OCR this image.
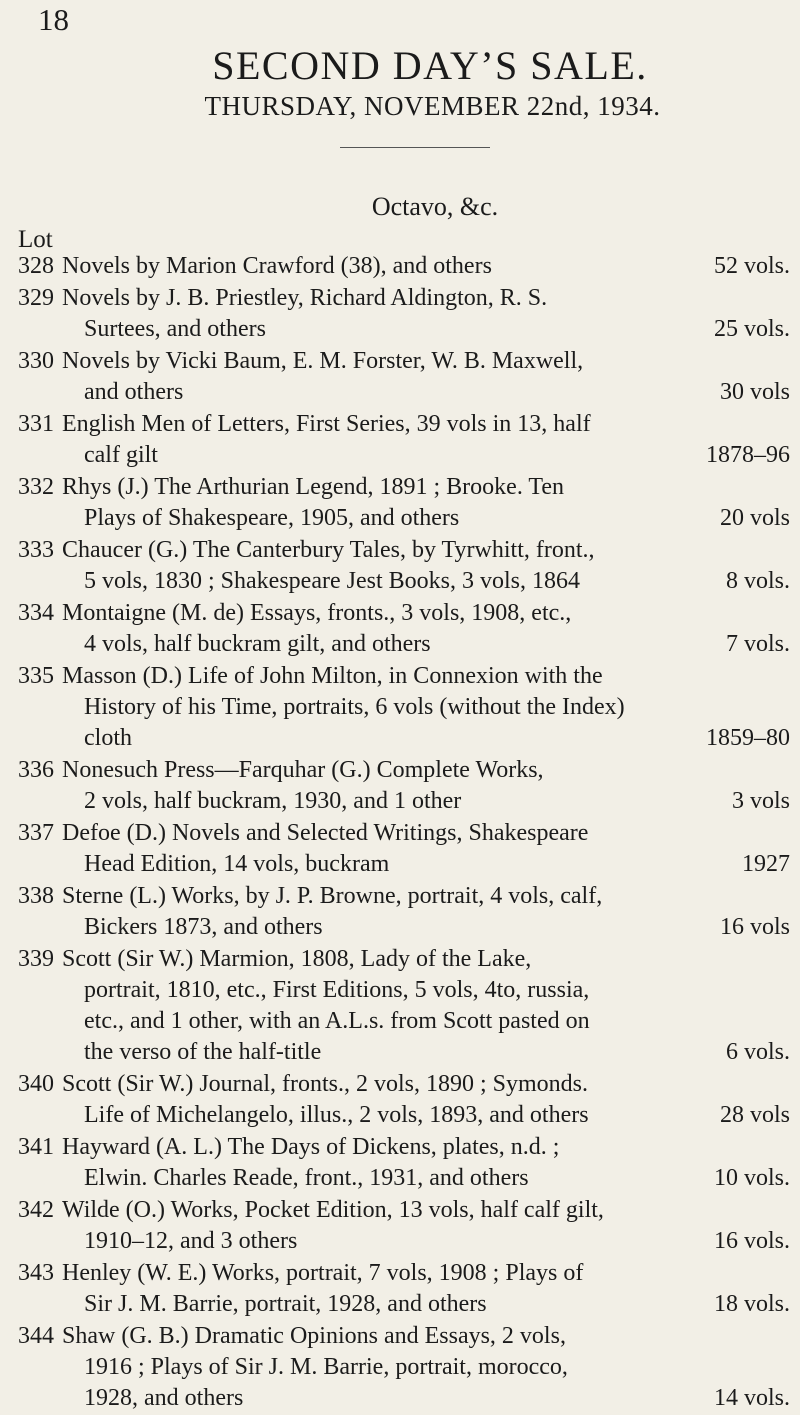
18
SECOND DAY’S SALE.
THURSDAY, NOVEMBER 22nd, 1934.
Octavo, &c.
Lot
328 Novels by Marion Crawford (38), and others	52 vols.
329 Novels by J. B. Priestley, Richard Aldington, R. S.
Surtees, and others	25 vols.
330 Novels by Vicki Baum, E. M. Forster, W. B. Maxwell,
and others	30 vols
331 English Men of Letters, First Series, 39 vols in 13, half
calf gilt	1878–96
332 Rhys (J.) The Arthurian Legend, 1891 ; Brooke. Ten
Plays of Shakespeare, 1905, and others	20 vols
333 Chaucer (G.) The Canterbury Tales, by Tyrwhitt, front.,
5 vols, 1830 ; Shakespeare Jest Books, 3 vols, 1864	8 vols.
334 Montaigne (M. de) Essays, fronts., 3 vols, 1908, etc.,
4 vols, half buckram gilt, and others	7 vols.
335 Masson (D.) Life of John Milton, in Connexion with the
History of his Time, portraits, 6 vols (without the Index)
cloth	1859–80
336 Nonesuch Press—Farquhar (G.) Complete Works,
2 vols, half buckram, 1930, and 1 other	3 vols
337 Defoe (D.) Novels and Selected Writings, Shakespeare
Head Edition, 14 vols, buckram	1927
338 Sterne (L.) Works, by J. P. Browne, portrait, 4 vols, calf,
Bickers 1873, and others	16 vols
339 Scott (Sir W.) Marmion, 1808, Lady of the Lake,
portrait, 1810, etc., First Editions, 5 vols, 4to, russia,
etc., and 1 other, with an A.L.s. from Scott pasted on
the verso of the half-title	6 vols.
340 Scott (Sir W.) Journal, fronts., 2 vols, 1890 ; Symonds.
Life of Michelangelo, illus., 2 vols, 1893, and others	28 vols
341 Hayward (A. L.) The Days of Dickens, plates, n.d. ;
Elwin. Charles Reade, front., 1931, and others	10 vols.
342 Wilde (O.) Works, Pocket Edition, 13 vols, half calf gilt,
1910–12, and 3 others	16 vols.
343 Henley (W. E.) Works, portrait, 7 vols, 1908 ; Plays of
Sir J. M. Barrie, portrait, 1928, and others	18 vols.
344 Shaw (G. B.) Dramatic Opinions and Essays, 2 vols,
1916 ; Plays of Sir J. M. Barrie, portrait, morocco,
1928, and others	14 vols.
